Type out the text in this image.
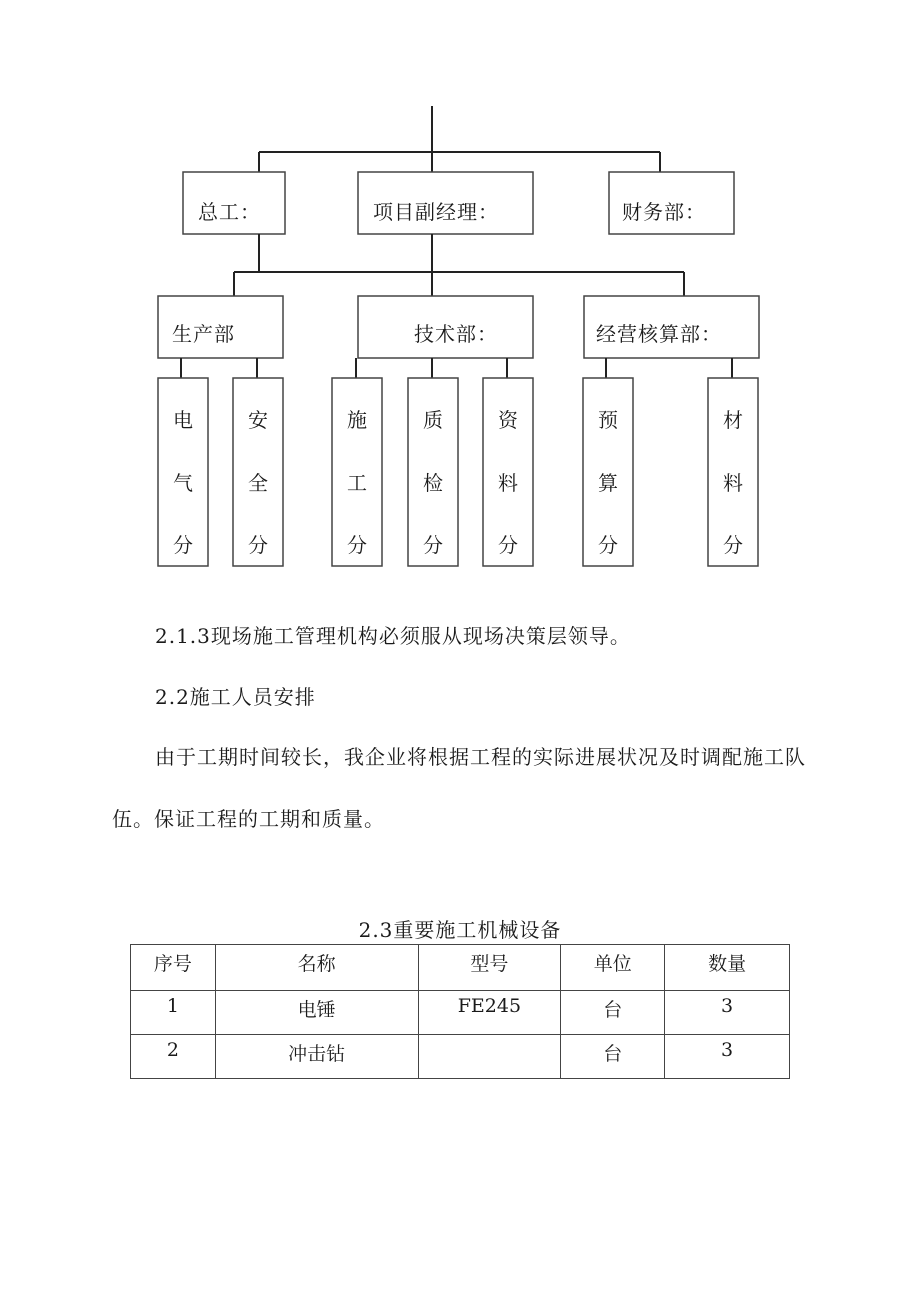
总工：	项目副经理：	财务部：
生产部	技术部：	经营核算部：
电
气
分
安
全
分
施
工
分
质
检
分
资
料
分
预
算
分
材
料
分
2.1.3现场施工管理机构必须服从现场决策层领导。
2.2施工人员安排
由于工期时间较长，我企业将根据工程的实际进展状况及时调配施工队
伍。保证工程的工期和质量。
2.3重要施工机械设备
序号	名称	型号	单位	数量
1	电锤	FE245	台	3
2	冲击钻		台	3
